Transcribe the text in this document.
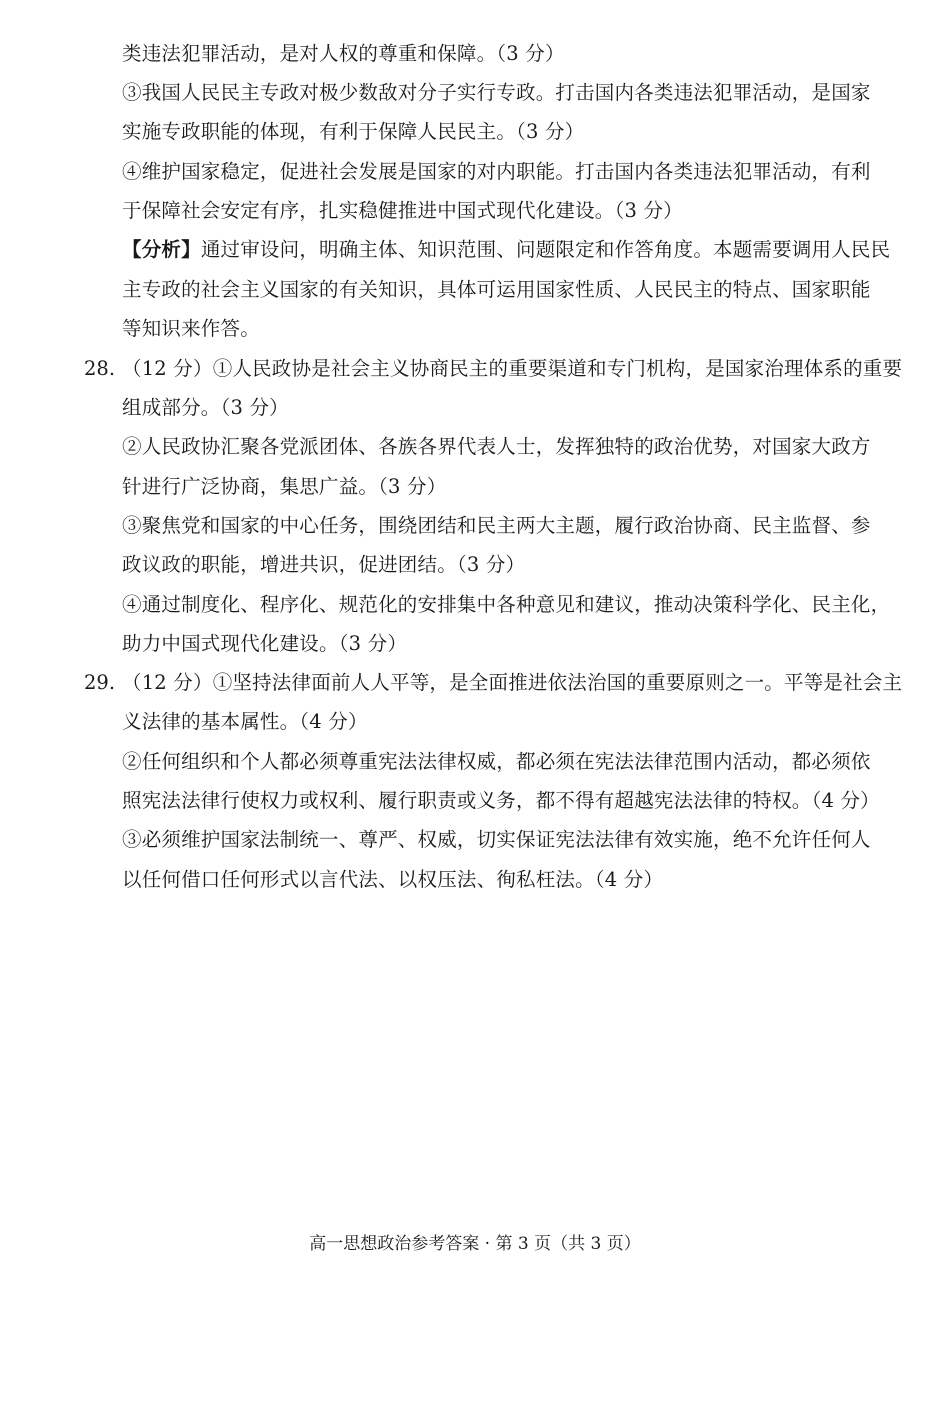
类违法犯罪活动，是对人权的尊重和保障。（3 分）
③我国人民民主专政对极少数敌对分子实行专政。打击国内各类违法犯罪活动，是国家
实施专政职能的体现，有利于保障人民民主。（3 分）
④维护国家稳定，促进社会发展是国家的对内职能。打击国内各类违法犯罪活动，有利
于保障社会安定有序，扎实稳健推进中国式现代化建设。（3 分）
【分析】通过审设问，明确主体、知识范围、问题限定和作答角度。本题需要调用人民民
主专政的社会主义国家的有关知识，具体可运用国家性质、人民民主的特点、国家职能
等知识来作答。
28. （12 分）①人民政协是社会主义协商民主的重要渠道和专门机构，是国家治理体系的重要
组成部分。（3 分）
②人民政协汇聚各党派团体、各族各界代表人士，发挥独特的政治优势，对国家大政方
针进行广泛协商，集思广益。（3 分）
③聚焦党和国家的中心任务，围绕团结和民主两大主题，履行政治协商、民主监督、参
政议政的职能，增进共识，促进团结。（3 分）
④通过制度化、程序化、规范化的安排集中各种意见和建议，推动决策科学化、民主化，
助力中国式现代化建设。（3 分）
29. （12 分）①坚持法律面前人人平等，是全面推进依法治国的重要原则之一。平等是社会主
义法律的基本属性。（4 分）
②任何组织和个人都必须尊重宪法法律权威，都必须在宪法法律范围内活动，都必须依
照宪法法律行使权力或权利、履行职责或义务，都不得有超越宪法法律的特权。（4 分）
③必须维护国家法制统一、尊严、权威，切实保证宪法法律有效实施，绝不允许任何人
以任何借口任何形式以言代法、以权压法、徇私枉法。（4 分）
高一思想政治参考答案 · 第 3 页（共 3 页）
